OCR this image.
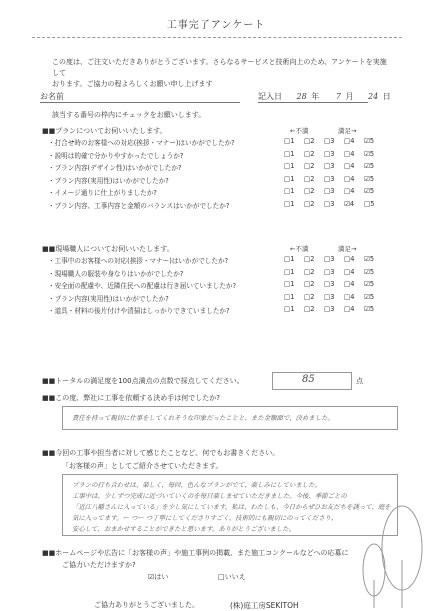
工事完了アンケート
この度は、ご注文いただきありがとうございます。さらなるサービスと技術向上のため、アンケートを実施して
おります。ご協力の程よろしくお願い申し上げます
お名前	記入日 28 年 7 月 24 日
該当する番号の枠内にチェックをお願いします。
■■プランについてお伺いいたします。	←不満	満足→
・打合せ時のお客様への対応(挨拶・マナー)はいかがでしたか?	□1 □2 □3 □4 ☑5
・説明は的確で分かりやすかったでしょうか?	□1 □2 □3 □4 ☑5
・プラン内容(デザイン性)はいかがでしたか?	□1 □2 □3 □4 ☑5
・プラン内容(実用性)はいかがでしたか?	□1 □2 □3 □4 ☑5
・イメージ通りに仕上がりましたか?	□1 □2 □3 □4 ☑5
・プラン内容、工事内容と金額のバランスはいかがでしたか?	□1 □2 □3 ☑4 □5
■■現場職人についてお伺いいたします。	←不満	満足→
・工事中のお客様への対応(挨拶・マナー)はいかがでしたか?	□1 □2 □3 □4 ☑5
・現場職人の服装や身なりはいかがでしたか?	□1 □2 □3 □4 ☑5
・安全面の配慮や、近隣住民への配慮は行き届いていましたか?	□1 □2 □3 □4 ☑5
・プラン内容(実用性)はいかがでしたか?	□1 □2 □3 □4 ☑5
・道具・材料の後片付けや清掃はしっかりできていましたか?	□1 □2 □3 □4 ☑5
■■トータルの満足度を100点満点の点数で採点してください。	85	点
■■この度、弊社に工事を依頼する決め手は何でしたか?
責任を持って親切に仕事をしてくれそうな印象だったことと、また金額面で、決めました。
■■今回の工事や担当者に対して感じたことなど、何でもお書きください。
「お客様の声」としてご紹介させていただきます。
プランの打ち合わせは、楽しく、毎回、色んなプランがでて、楽しみにしていました。
工事中は、少しずつ完成に近づいていくのを毎日楽しませていただきました。今後、季節ごとの
「近江八幡さんに入っている」を少し気にしています。私は、わたしも、今日からぜひお友だちを誘って、庭を
気に入ってます。ー つー つ丁寧にしてくださりすごく、技術的にも親切にのってくださり、
安心して、おまかせすることができたと思います。ありがとうございました。
■■ホームページや広告に「お客様の声」や施工事例の掲載、また施工コンクールなどへの応募に
ご協力いただけますか?
☑はい	□いいえ
ご協力ありがとうございました。	(株)庭工房SEKITOH
